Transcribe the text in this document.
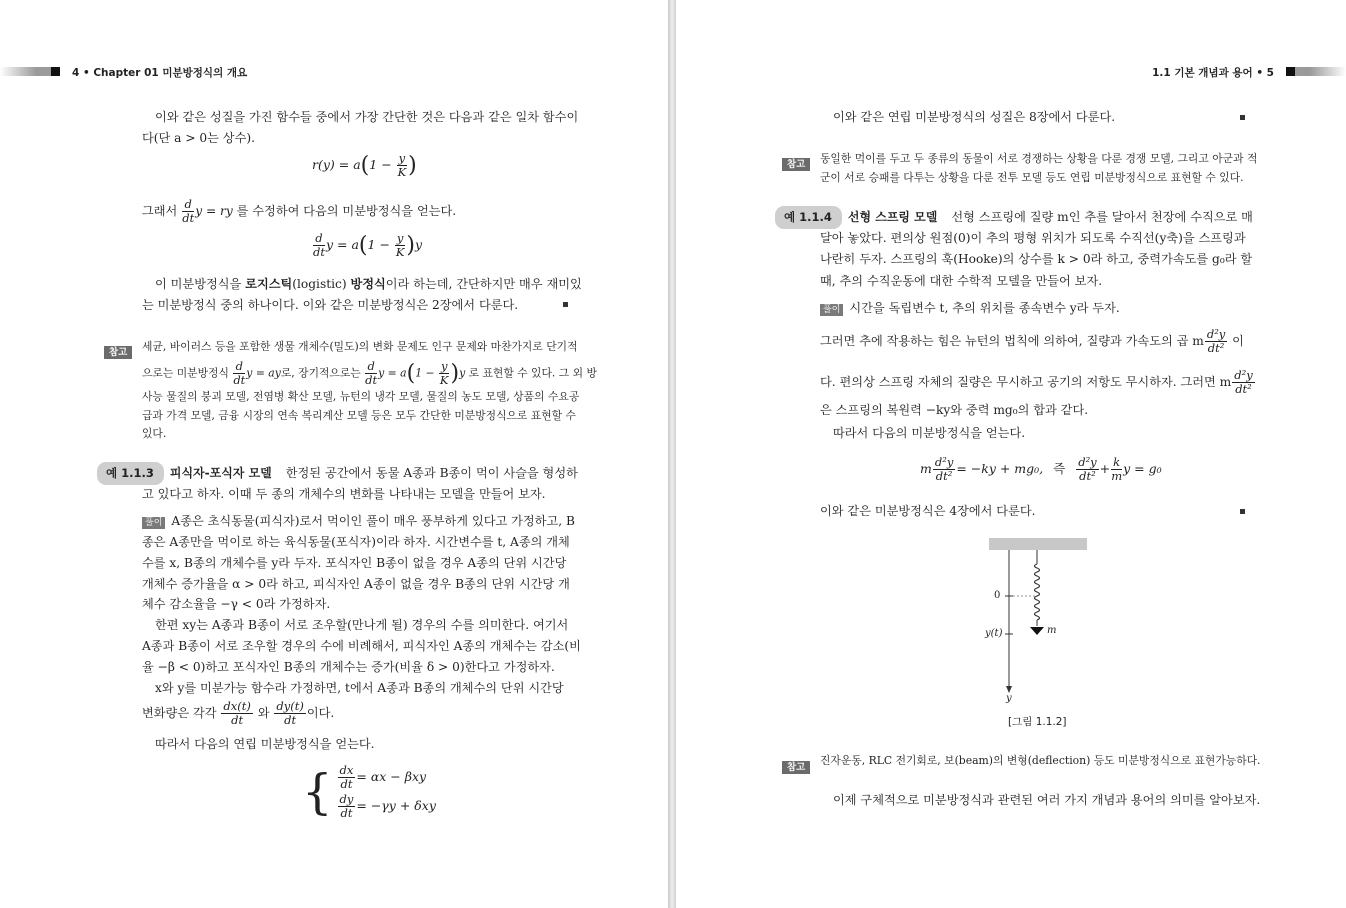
4 • Chapter 01 미분방정식의 개요
이와 같은 성질을 가진 함수들 중에서 가장 간단한 것은 다음과 같은 일차 함수이
다(단 a > 0는 상수).
$r(y) = a(1 - \frac{y}{K}$ )
그래서 $\frac{d}{dt}$ y = ry 를 수정하여 다음의 미분방정식을 얻는다.
$\frac{d}{dt}$ $y = a(1 - \frac{y}{K} )y$
이 미분방정식을 로지스틱(logistic) 방정식이라 하는데, 간단하지만 매우 재미있
는 미분방정식 중의 하나이다. 이와 같은 미분방정식은 2장에서 다룬다.
참고	세균, 바이러스 등을 포함한 생물 개체수(밀도)의 변화 문제도 인구 문제와 마찬가지로 단기적
으로는 미분방정식 $\frac{d}{dt}$ y = ay로, 장기적으로는 $\frac{d}{dt}$ $y = a(1 - \frac{y}{K} )y$ 로 표현할 수 있다. 그 외 방
사능 물질의 붕괴 모델, 전염병 확산 모델, 뉴턴의 냉각 모델, 물질의 농도 모델, 상품의 수요공
급과 가격 모델, 금융 시장의 연속 복리계산 모델 등은 모두 간단한 미분방정식으로 표현할 수
있다.
예 1.1.3 피식자-포식자 모델 한정된 공간에서 동물 A종과 B종이 먹이 사슬을 형성하
고 있다고 하자. 이때 두 종의 개체수의 변화를 나타내는 모델을 만들어 보자.
풀이 A종은 초식동물(피식자)로서 먹이인 풀이 매우 풍부하게 있다고 가정하고, B
종은 A종만을 먹이로 하는 육식동물(포식자)이라 하자. 시간변수를 t, A종의 개체
수를 x, B종의 개체수를 y라 두자. 포식자인 B종이 없을 경우 A종의 단위 시간당
개체수 증가율을 α > 0라 하고, 피식자인 A종이 없을 경우 B종의 단위 시간당 개
체수 감소율을 −γ < 0라 가정하자.
한편 xy는 A종과 B종이 서로 조우할(만나게 될) 경우의 수를 의미한다. 여기서
A종과 B종이 서로 조우할 경우의 수에 비례해서, 피식자인 A종의 개체수는 감소(비
율 −β < 0)하고 포식자인 B종의 개체수는 증가(비율 δ > 0)한다고 가정하자.
x와 y를 미분가능 함수라 가정하면, t에서 A종과 B종의 개체수의 단위 시간당
변화량은 각각 $\frac{dx(t)}{dt}$ 와 $\frac{dy(t)}{dt}$ 이다.
따라서 다음의 연립 미분방정식을 얻는다.
{ $\frac{dx}{dt} = \alpha x - \beta xy$
$\frac{dy}{dt} = -\gamma y + \delta xy$
1.1 기본 개념과 용어 • 5
이와 같은 연립 미분방정식의 성질은 8장에서 다룬다.
참고	동일한 먹이를 두고 두 종류의 동물이 서로 경쟁하는 상황을 다룬 경쟁 모델, 그리고 아군과 적
군이 서로 승패를 다투는 상황을 다룬 전투 모델 등도 연립 미분방정식으로 표현할 수 있다.
예 1.1.4 선형 스프링 모델 선형 스프링에 질량 m인 추를 달아서 천장에 수직으로 매
달아 놓았다. 편의상 원점(0)이 추의 평형 위치가 되도록 수직선(y축)을 스프링과
나란히 두자. 스프링의 훅(Hooke)의 상수를 k > 0라 하고, 중력가속도를 g₀라 할
때, 추의 수직운동에 대한 수학적 모델을 만들어 보자.
풀이 시간을 독립변수 t, 추의 위치를 종속변수 y라 두자.
그러면 추에 작용하는 힘은 뉴턴의 법칙에 의하여, 질량과 가속도의 곱 m $\frac{\text{d²y}}{\text{dt²}}$ 이
다. 편의상 스프링 자체의 질량은 무시하고 공기의 저항도 무시하자. 그러면 m $\frac{\text{d²y}}{\text{dt²}}$
은 스프링의 복원력 −ky와 중력 mg₀의 합과 같다.
따라서 다음의 미분방정식을 얻는다.
m $\frac{\text{d²y}}{\text{dt²}} = -ky + mg_0$, 즉 $\frac{\text{d²y}}{\text{dt²}} + \frac{k}{m}$ y = g₀
이와 같은 미분방정식은 4장에서 다룬다.
0
y(t)	m
y
[그림 1.1.2]
참고
진자운동, RLC 전기회로, 보(beam)의 변형(deflection) 등도 미분방정식으로 표현가능하다.
이제 구체적으로 미분방정식과 관련된 여러 가지 개념과 용어의 의미를 알아보자.
